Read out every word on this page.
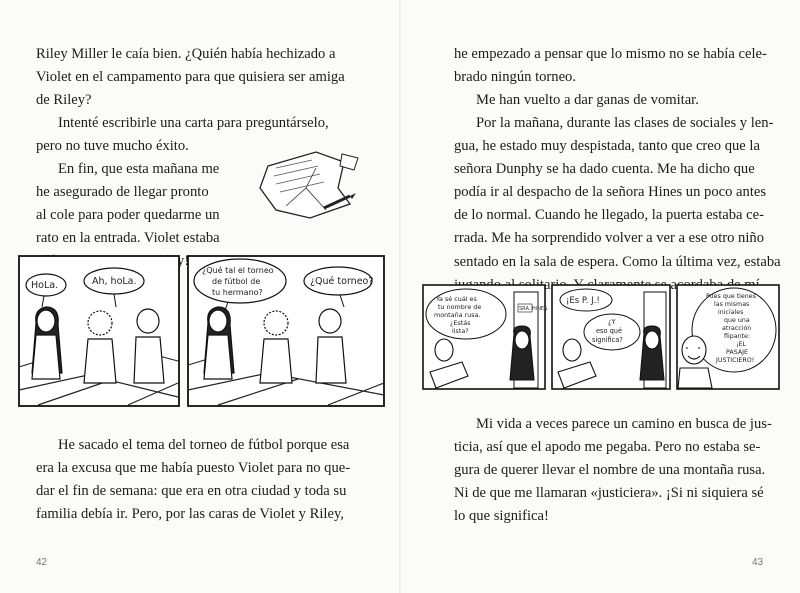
Riley Miller le caía bien. ¿Quién había hechizado a
Violet en el campamento para que quisiera ser amiga
de Riley?
Intenté escribirle una carta para preguntárselo,
pero no tuve mucho éxito.
En fin, que esta mañana me
he asegurado de llegar pronto
al cole para poder quedarme un
rato en la entrada. Violet estaba
HoLa.	Ah, hoLa.
¿Qué tal el torneo
de fútbol de
tu hermano?
¿Qué torneo?
He sacado el tema del torneo de fútbol porque esa
era la excusa que me había puesto Violet para no que-
dar el fin de semana: que era en otra ciudad y toda su
familia debía ir. Pero, por las caras de Violet y Riley,
42
he empezado a pensar que lo mismo no se había cele-
brado ningún torneo.
Me han vuelto a dar ganas de vomitar.
Por la mañana, durante las clases de sociales y len-
gua, he estado muy despistada, tanto que creo que la
señora Dunphy se ha dado cuenta. Me ha dicho que
podía ir al despacho de la señora Hines un poco antes
de lo normal. Cuando he llegado, la puerta estaba ce-
rrada. Me ha sorprendido volver a ver a ese otro niño
sentado en la sala de espera. Como la última vez, estaba
Ya sé cuál es
tu nombre de
montaña rusa.
¿Estás
lista?
SRA. HINES
¡Es P. J.!
¿Y
eso qué
significa?
Pues que tienes
las mismas
iniciales
que una
atracción
flipante:
¡EL
PASAJE
JUSTICIERO!
Mi vida a veces parece un camino en busca de jus-
ticia, así que el apodo me pegaba. Pero no estaba se-
gura de querer llevar el nombre de una montaña rusa.
Ni de que me llamaran «justiciera». ¡Si ni siquiera sé
lo que significa!
43
